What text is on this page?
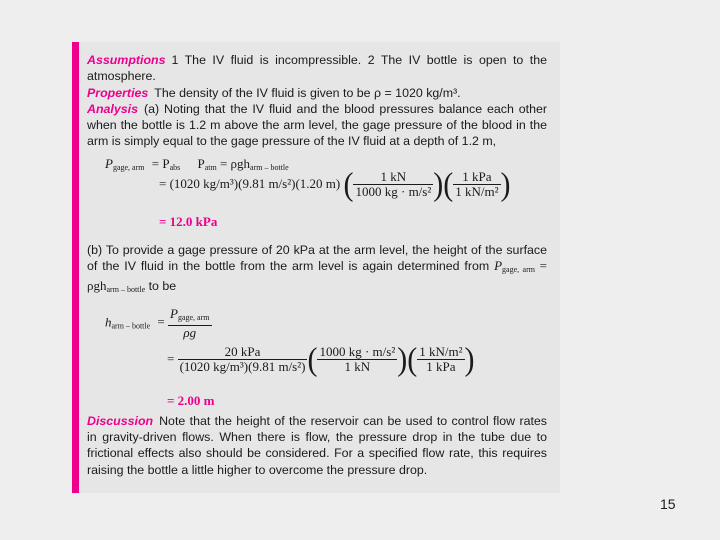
Assumptions 1 The IV fluid is incompressible. 2 The IV bottle is open to the atmosphere.

Properties The density of the IV fluid is given to be ρ = 1020 kg/m³.

Analysis (a) Noting that the IV fluid and the blood pressures balance each other when the bottle is 1.2 m above the arm level, the gage pressure of the blood in the arm is simply equal to the gage pressure of the IV fluid at a depth of 1.2 m,

$P_{gage, arm} = P_{abs}$ $P_{atm} = \rho gh_{arm - bottle}$
= (1020 kg/m³)(9.81 m/s²)(1.20 m) ( $\frac{1 kN}{\text{1000 kg · m/s²}}$ )( $\frac{\text{1 kPa}}{\text{1 kN/m²}}$ )
= 12.0 kPa

(b) To provide a gage pressure of 20 kPa at the arm level, the height of the surface of the IV fluid in the bottle from the arm level is again determined from $P_{gage, arm} = \rho gh_{arm - bottle}$ to be

$h_{arm - bottle} = \frac{P_{gage, arm}}{\rho g}$
= $\frac{\text{20 kPa}}{\text{(1020 kg/m³)(9.81 m/s²)}}$ ( $\frac{\text{1000 kg · m/s²}}{1 kN}$ )( $\frac{\text{1 kN/m²}}{\text{1 kPa}}$ )
= 2.00 m

Discussion Note that the height of the reservoir can be used to control flow rates in gravity-driven flows. When there is flow, the pressure drop in the tube due to frictional effects also should be considered. For a specified flow rate, this requires raising the bottle a little higher to overcome the pressure drop.

15
